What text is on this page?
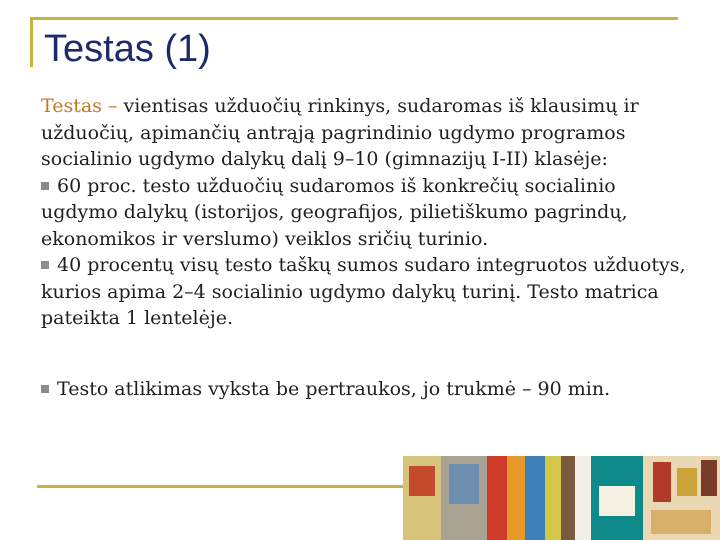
Testas (1)
Testas – vientisas užduočių rinkinys, sudaromas iš klausimų ir užduočių, apimančių antrąją pagrindinio ugdymo programos socialinio ugdymo dalykų dalį 9–10 (gimnazijų I-II) klasėje:
60 proc. testo užduočių sudaromos iš konkrečių socialinio ugdymo dalykų (istorijos, geografijos, pilietiškumo pagrindų, ekonomikos ir verslumo) veiklos sričių turinio.
40 procentų visų testo taškų sumos sudaro integruotos užduotys, kurios apima 2–4 socialinio ugdymo dalykų turinį. Testo matrica pateikta 1 lentelėje.
Testo atlikimas vyksta be pertraukos, jo trukmė – 90 min.
